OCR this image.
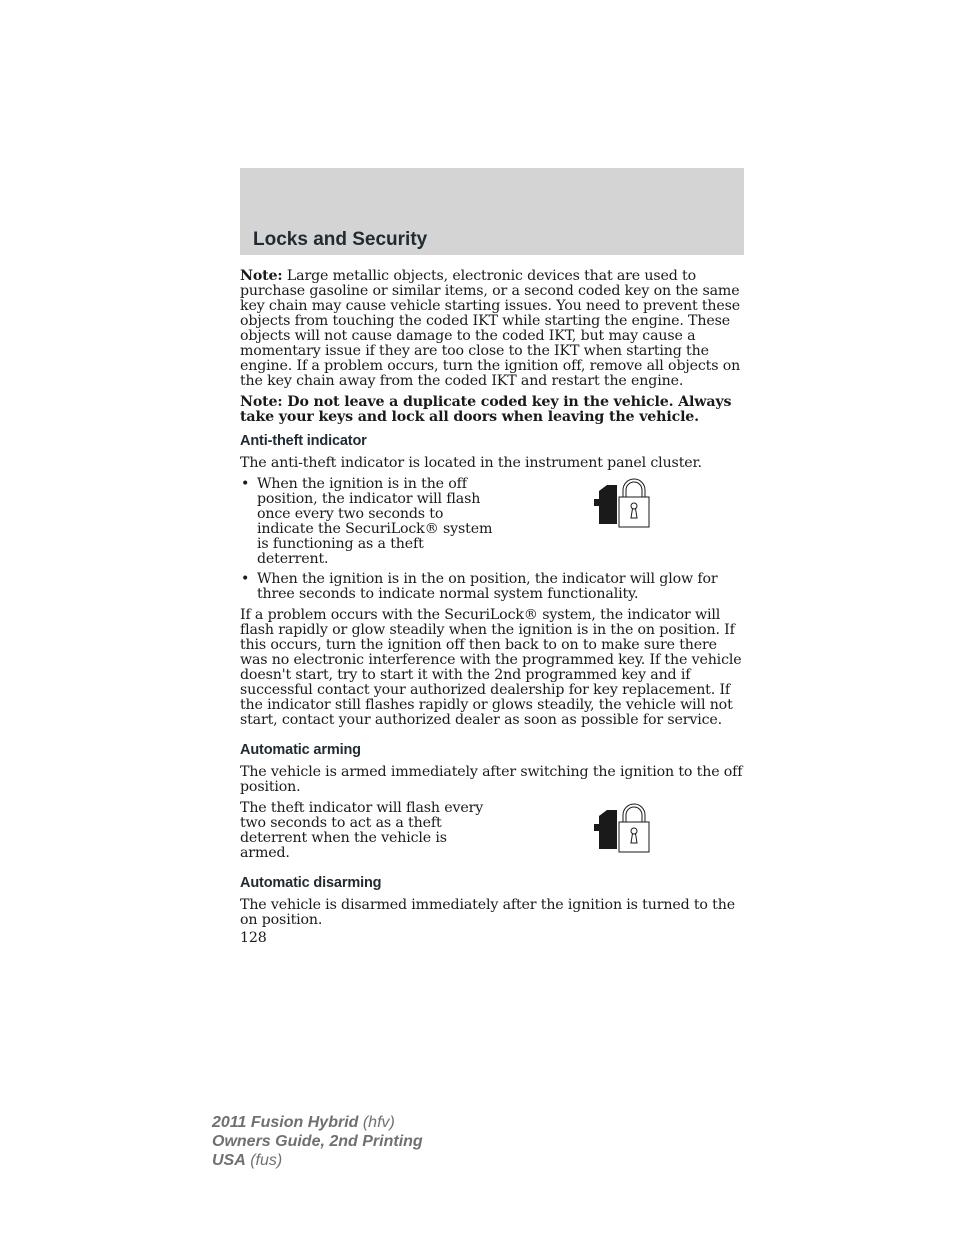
Locks and Security

Note: Large metallic objects, electronic devices that are used to purchase gasoline or similar items, or a second coded key on the same key chain may cause vehicle starting issues. You need to prevent these objects from touching the coded IKT while starting the engine. These objects will not cause damage to the coded IKT, but may cause a momentary issue if they are too close to the IKT when starting the engine. If a problem occurs, turn the ignition off, remove all objects on the key chain away from the coded IKT and restart the engine.

Note: Do not leave a duplicate coded key in the vehicle. Always take your keys and lock all doors when leaving the vehicle.

Anti-theft indicator

The anti-theft indicator is located in the instrument panel cluster.

• When the ignition is in the off position, the indicator will flash once every two seconds to indicate the SecuriLock® system is functioning as a theft deterrent.
• When the ignition is in the on position, the indicator will glow for three seconds to indicate normal system functionality.

If a problem occurs with the SecuriLock® system, the indicator will flash rapidly or glow steadily when the ignition is in the on position. If this occurs, turn the ignition off then back to on to make sure there was no electronic interference with the programmed key. If the vehicle doesn't start, try to start it with the 2nd programmed key and if successful contact your authorized dealership for key replacement. If the indicator still flashes rapidly or glows steadily, the vehicle will not start, contact your authorized dealer as soon as possible for service.

Automatic arming

The vehicle is armed immediately after switching the ignition to the off position.

The theft indicator will flash every two seconds to act as a theft deterrent when the vehicle is armed.
Automatic disarming

The vehicle is disarmed immediately after the ignition is turned to the on position.

128
2011 Fusion Hybrid (hfv)
Owners Guide, 2nd Printing
USA (fus)
